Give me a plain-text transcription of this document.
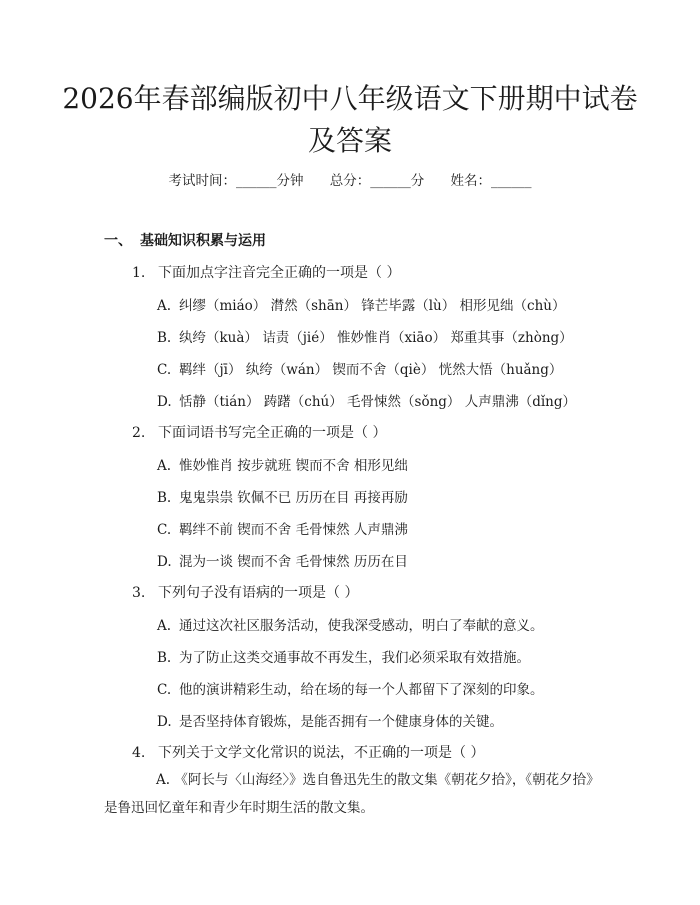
2026年春部编版初中八年级语文下册期中试卷及答案
考试时间：______分钟 总分：______分 姓名：______
一、 基础知识积累与运用
1. 下面加点字注音完全正确的一项是（ ）
A. 纠缪（miáo） 潸然（shān） 锋芒毕露（lù） 相形见绌（chù）
B. 纨绔（kuà） 诘责（jié） 惟妙惟肖（xiāo） 郑重其事（zhòng）
C. 羁绊（jī） 纨绔（wán） 锲而不舍（qiè） 恍然大悟（huǎng）
D. 恬静（tián） 踌躇（chú） 毛骨悚然（sǒng） 人声鼎沸（dǐng）
2. 下面词语书写完全正确的一项是（ ）
A. 惟妙惟肖 按步就班 锲而不舍 相形见绌
B. 鬼鬼祟祟 钦佩不已 历历在目 再接再励
C. 羁绊不前 锲而不舍 毛骨悚然 人声鼎沸
D. 混为一谈 锲而不舍 毛骨悚然 历历在目
3. 下列句子没有语病的一项是（ ）
A. 通过这次社区服务活动，使我深受感动，明白了奉献的意义。
B. 为了防止这类交通事故不再发生，我们必须采取有效措施。
C. 他的演讲精彩生动，给在场的每一个人都留下了深刻的印象。
D. 是否坚持体育锻炼，是能否拥有一个健康身体的关键。
4. 下列关于文学文化常识的说法，不正确的一项是（ ）
A. 《阿长与〈山海经〉》选自鲁迅先生的散文集《朝花夕拾》，《朝花夕拾》是鲁迅回忆童年和青少年时期生活的散文集。
